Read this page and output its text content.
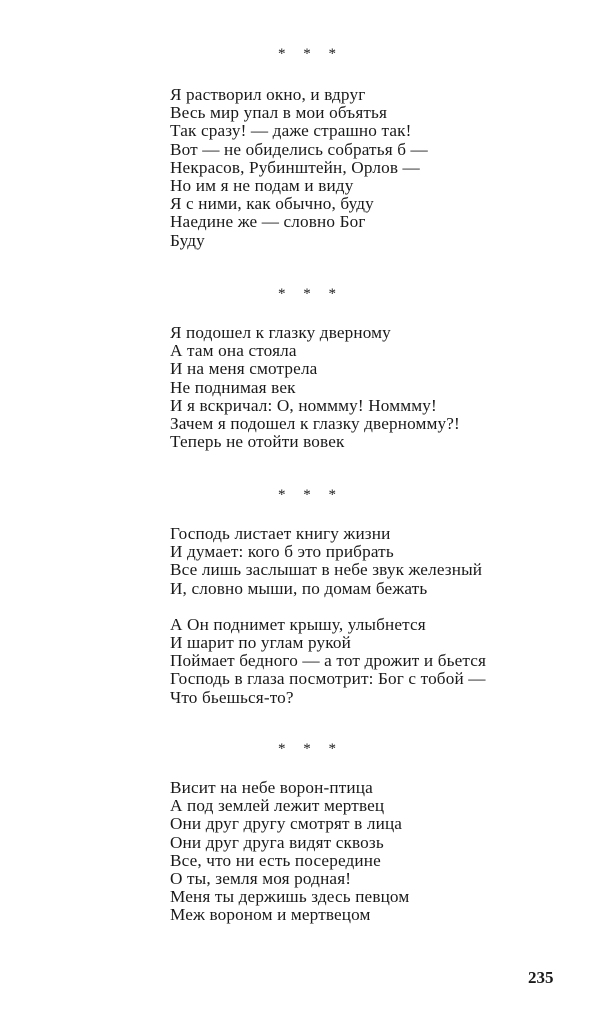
* * *
Я растворил окно, и вдруг
Весь мир упал в мои объятья
Так сразу! — даже страшно так!
Вот — не обиделись собратья б —
Некрасов, Рубинштейн, Орлов —
Но им я не подам и виду
Я с ними, как обычно, буду
Наедине же — словно Бог
Буду
* * *
Я подошел к глазку дверному
А там она стояла
И на меня смотрела
Не поднимая век
И я вскричал: О, номмму! Номмму!
Зачем я подошел к глазку дверномму?!
Теперь не отойти вовек
* * *
Господь листает книгу жизни
И думает: кого б это прибрать
Все лишь заслышат в небе звук железный
И, словно мыши, по домам бежать
А Он поднимет крышу, улыбнется
И шарит по углам рукой
Поймает бедного — а тот дрожит и бьется
Господь в глаза посмотрит: Бог с тобой —
Что бьешься-то?
* * *
Висит на небе ворон-птица
А под землей лежит мертвец
Они друг другу смотрят в лица
Они друг друга видят сквозь
Все, что ни есть посередине
О ты, земля моя родная!
Меня ты держишь здесь певцом
Меж вороном и мертвецом
235
